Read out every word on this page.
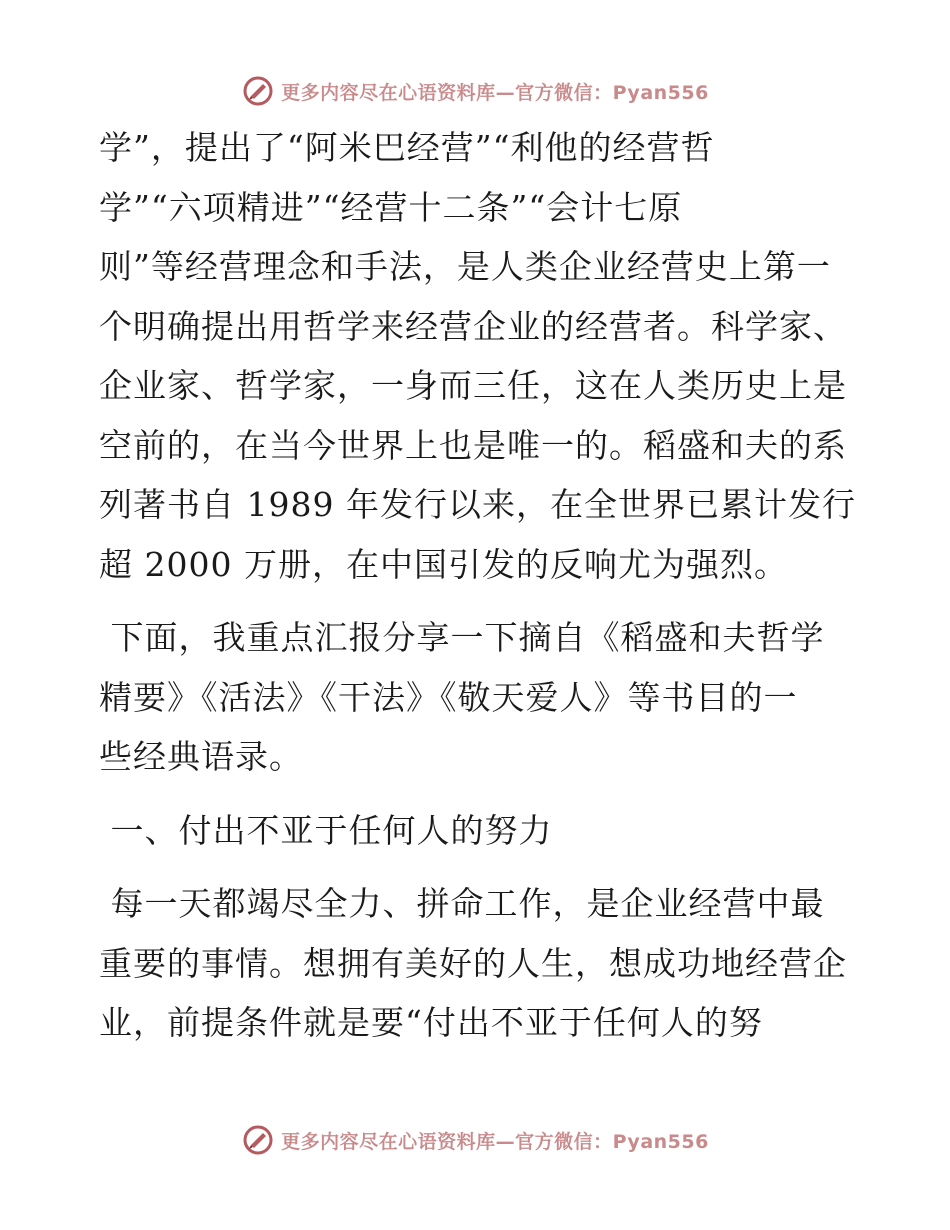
更多内容尽在心语资料库—官方微信：Pyan556

学”，提出了“阿米巴经营”“利他的经营哲

学”“六项精进”“经营十二条”“会计七原

则”等经营理念和手法，是人类企业经营史上第一

个明确提出用哲学来经营企业的经营者。科学家、

企业家、哲学家，一身而三任，这在人类历史上是

空前的，在当今世界上也是唯一的。稻盛和夫的系

列著书自 1989 年发行以来，在全世界已累计发行

超 2000 万册，在中国引发的反响尤为强烈。

下面，我重点汇报分享一下摘自《稻盛和夫哲学

精要》《活法》《干法》《敬天爱人》等书目的一

些经典语录。

一、付出不亚于任何人的努力

每一天都竭尽全力、拼命工作，是企业经营中最

重要的事情。想拥有美好的人生，想成功地经营企

业，前提条件就是要“付出不亚于任何人的努

更多内容尽在心语资料库—官方微信：Pyan556
